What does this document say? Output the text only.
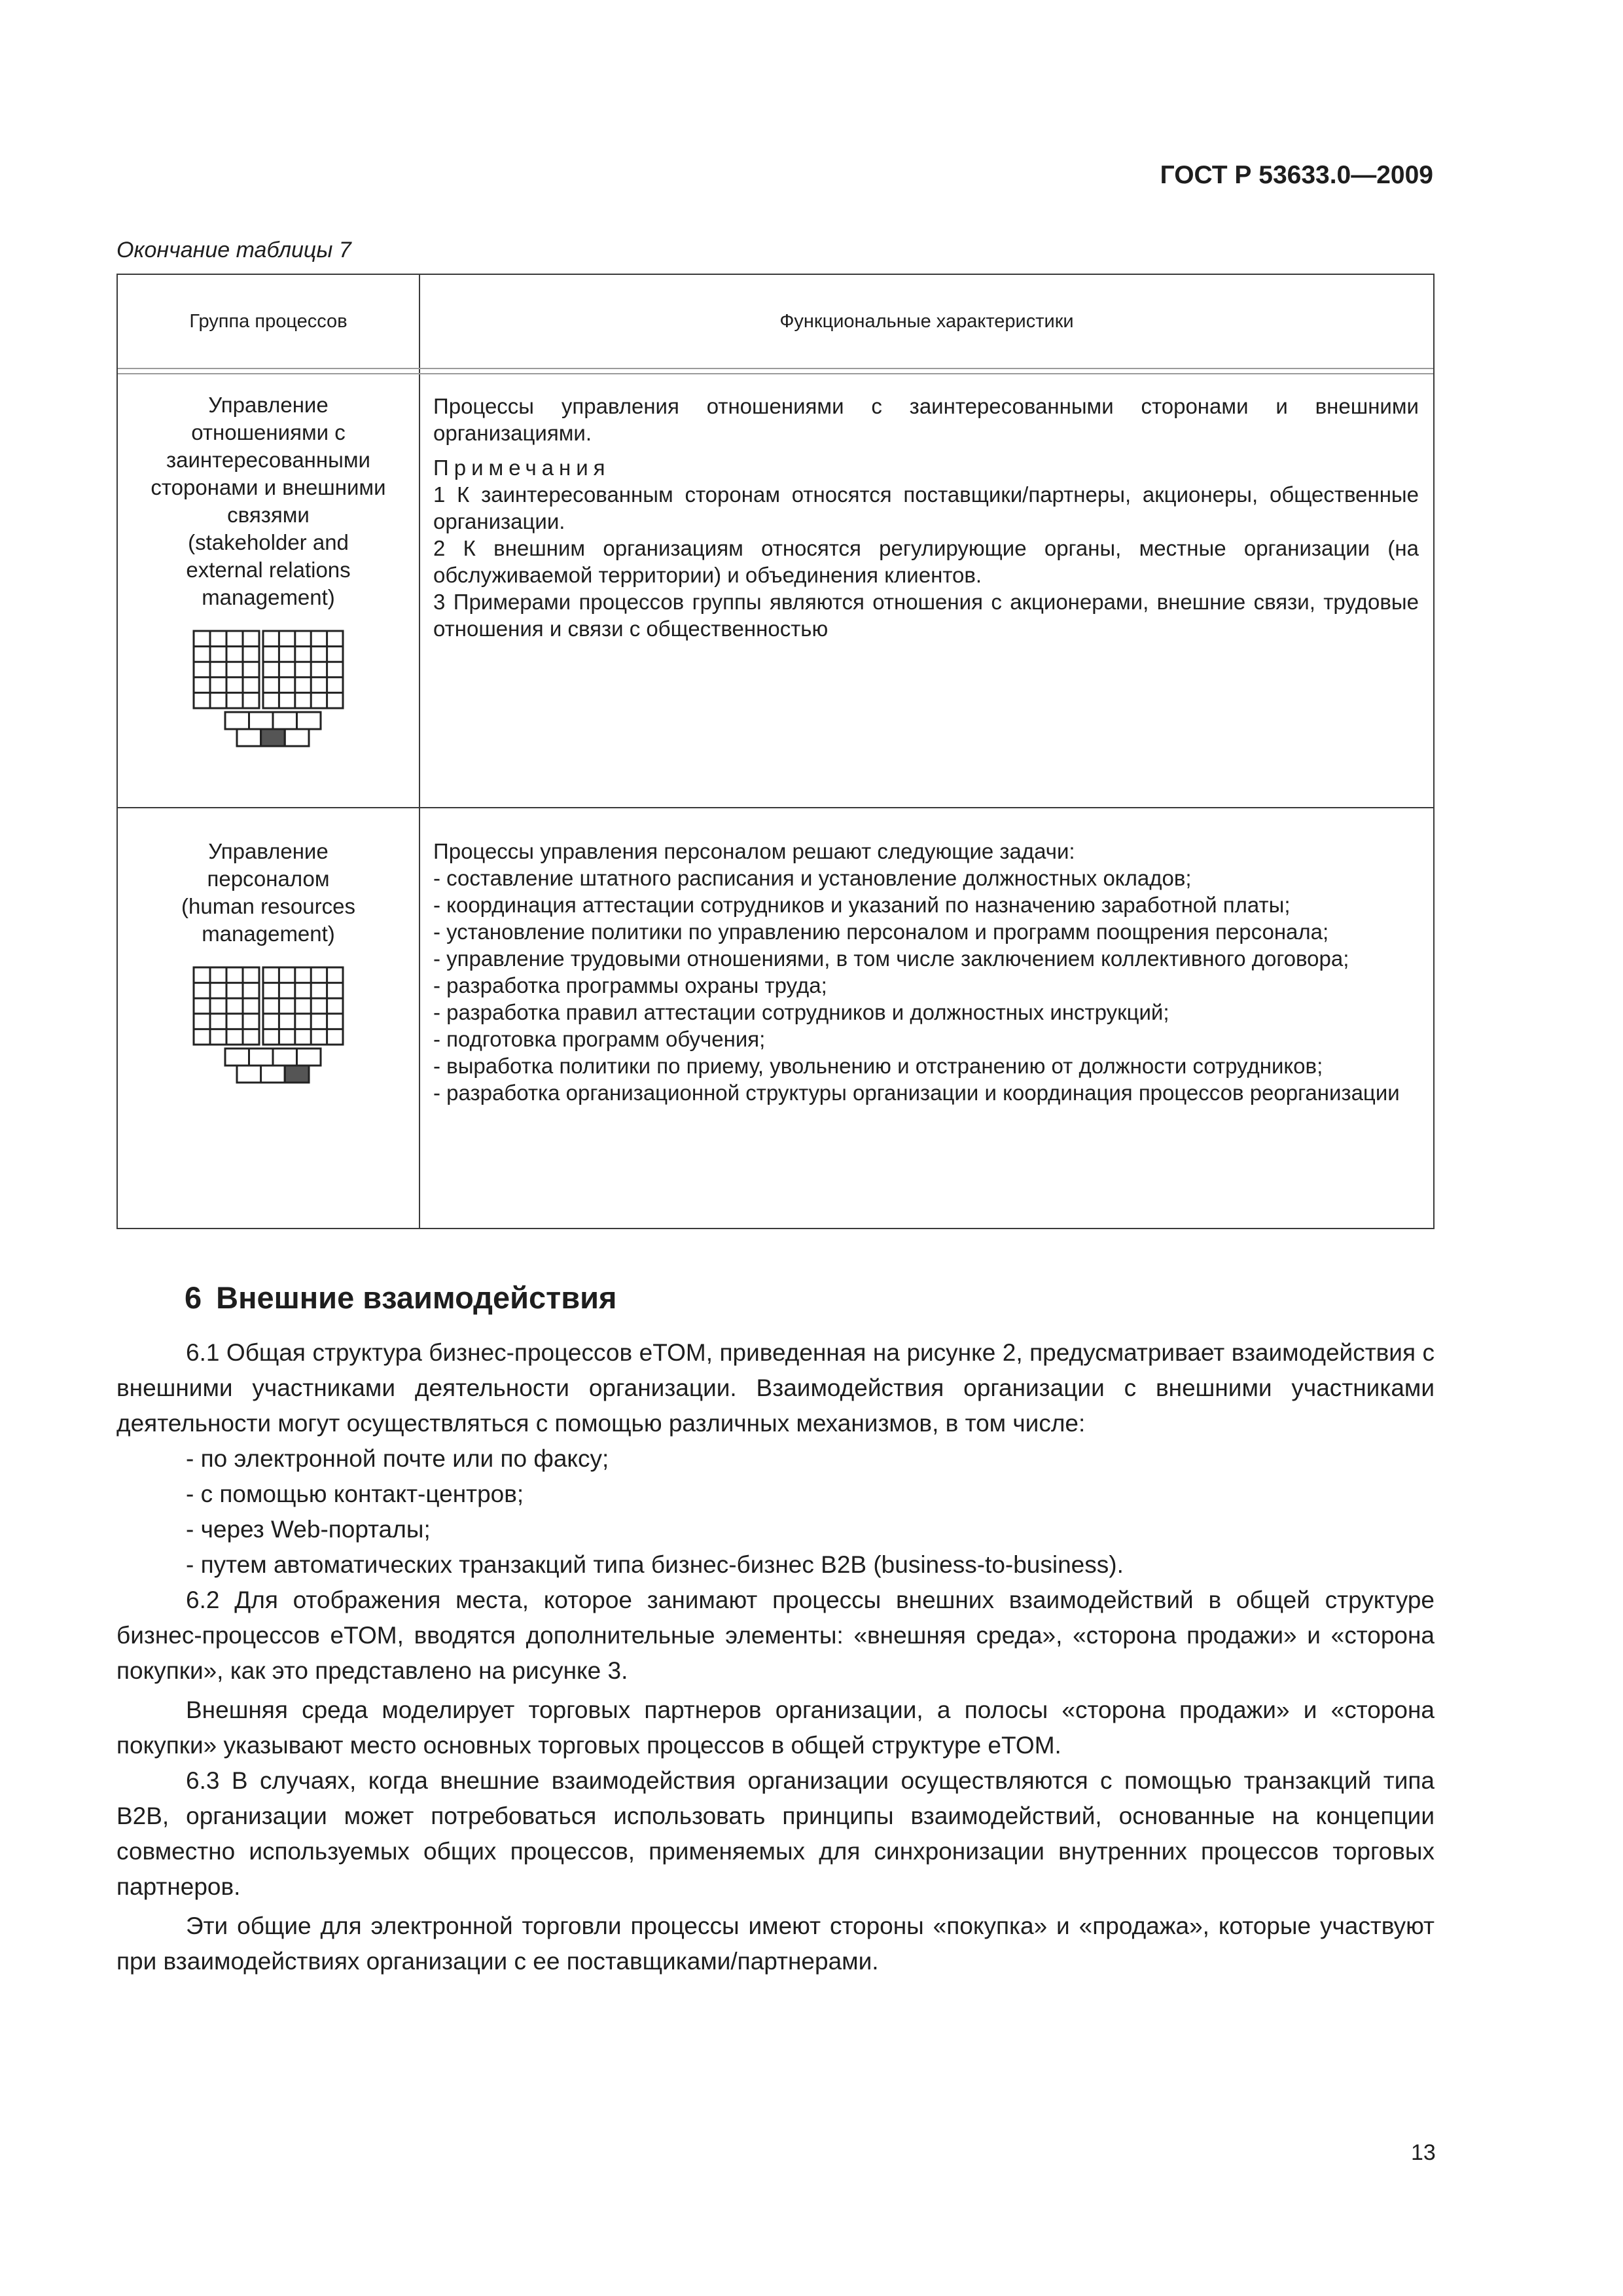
ГОСТ Р 53633.0—2009
Окончание таблицы 7
Группа процессов	Функциональные характеристики
Управление
отношениями с
заинтересованными
сторонами и внешними
связями
(stakeholder and
external relations
management)

Процессы управления отношениями с заинтересованными сторонами и внешними организациями.

Примечания

1 К заинтересованным сторонам относятся поставщики/партнеры, акционеры, общественные организации.

2 К внешним организациям относятся регулирующие органы, местные организации (на обслуживаемой территории) и объединения клиентов.

3 Примерами процессов группы являются отношения с акционерами, внешние связи, трудовые отношения и связи с общественностью

Управление
персоналом
(human resources
management)

Процессы управления персоналом решают следующие задачи:

- составление штатного расписания и установление должностных окладов;

- координация аттестации сотрудников и указаний по назначению заработной платы;

- установление политики по управлению персоналом и программ поощрения персонала;

- управление трудовыми отношениями, в том числе заключением коллективного договора;

- разработка программы охраны труда;

- разработка правил аттестации сотрудников и должностных инструкций;

- подготовка программ обучения;

- выработка политики по приему, увольнению и отстранению от должности сотрудников;

- разработка организационной структуры организации и координация процессов реорганизации

6 Внешние взаимодействия

6.1 Общая структура бизнес-процессов eTOM, приведенная на рисунке 2, предусматривает взаимодействия с внешними участниками деятельности организации. Взаимодействия организации с внешними участниками деятельности могут осуществляться с помощью различных механизмов, в том числе:

- по электронной почте или по факсу;

- с помощью контакт-центров;

- через Web-порталы;

- путем автоматических транзакций типа бизнес-бизнес B2B (business-to-business).

6.2 Для отображения места, которое занимают процессы внешних взаимодействий в общей структуре бизнес-процессов eTOM, вводятся дополнительные элементы: «внешняя среда», «сторона продажи» и «сторона покупки», как это представлено на рисунке 3.

Внешняя среда моделирует торговых партнеров организации, а полосы «сторона продажи» и «сторона покупки» указывают место основных торговых процессов в общей структуре eTOM.

6.3 В случаях, когда внешние взаимодействия организации осуществляются с помощью транзакций типа B2B, организации может потребоваться использовать принципы взаимодействий, основанные на концепции совместно используемых общих процессов, применяемых для синхронизации внутренних процессов торговых партнеров.

Эти общие для электронной торговли процессы имеют стороны «покупка» и «продажа», которые участвуют при взаимодействиях организации с ее поставщиками/партнерами.

13
